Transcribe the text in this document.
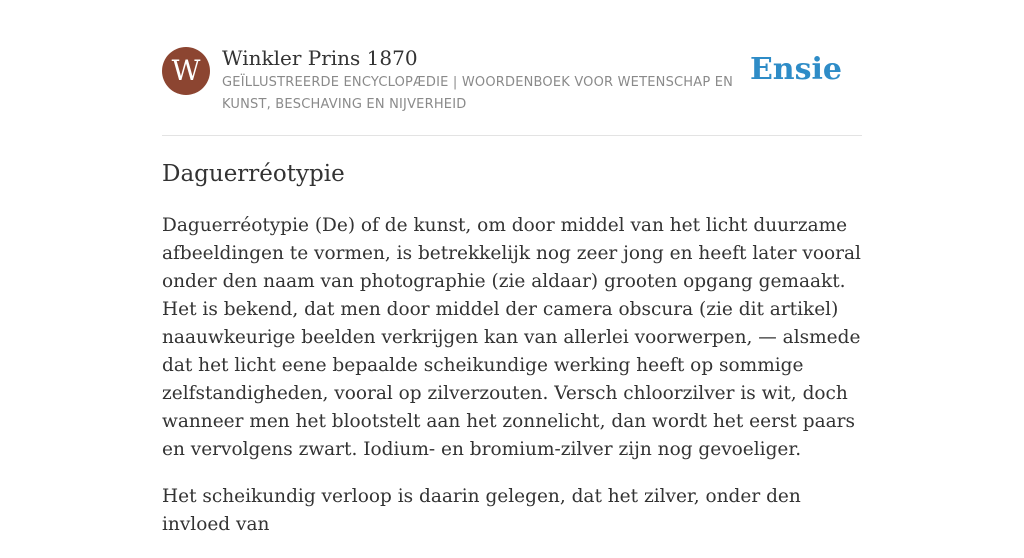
W	Winkler Prins 1870
GEÏLLUSTREERDE ENCYCLOPÆDIE | WOORDENBOEK VOOR WETENSCHAP EN KUNST, BESCHAVING EN NIJVERHEID
Ensie
Daguerréotypie

Daguerréotypie (De) of de kunst, om door middel van het licht duurzame afbeeldingen te vormen, is betrekkelijk nog zeer jong en heeft later vooral onder den naam van photographie (zie aldaar) grooten opgang gemaakt. Het is bekend, dat men door middel der camera obscura (zie dit artikel) naauwkeurige beelden verkrijgen kan van allerlei voorwerpen, — alsmede dat het licht eene bepaalde scheikundige werking heeft op sommige zelfstandigheden, vooral op zilverzouten. Versch chloorzilver is wit, doch wanneer men het blootstelt aan het zonnelicht, dan wordt het eerst paars en vervolgens zwart. Iodium- en bromium-zilver zijn nog gevoeliger.

Het scheikundig verloop is daarin gelegen, dat het zilver, onder den invloed van
